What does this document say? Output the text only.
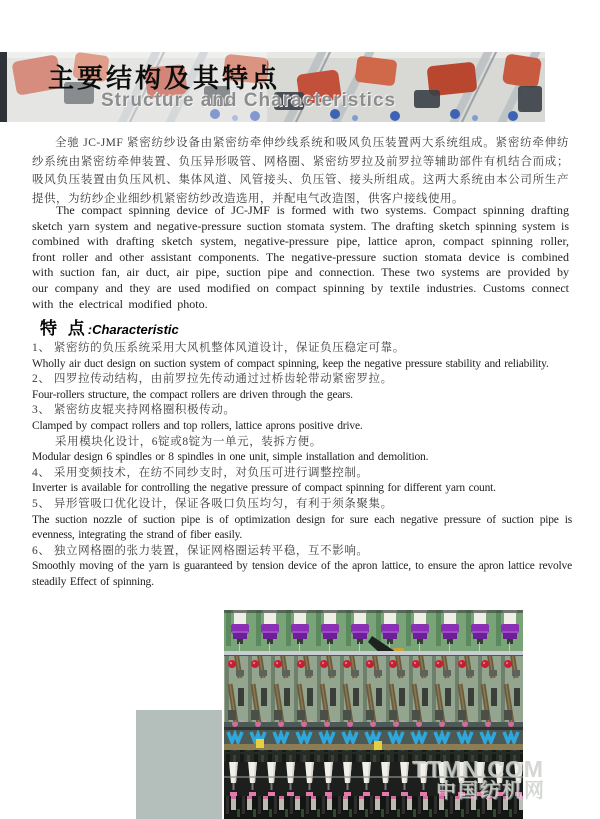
主要结构及其特点
Structure and Characteristics
全驰 JC-JMF 紧密纺纱设备由紧密纺牵伸纱线系统和吸风负压装置两大系统组成。紧密纺牵伸纺纱系统由紧密纺牵伸装置、负压异形吸管、网格圈、紧密纺罗拉及前罗拉等辅助部件有机结合而成；吸风负压装置由负压风机、集体风道、风管接头、负压管、接头所组成。这两大系统由本公司所生产提供，为纺纱企业细纱机紧密纺纱改造选用，并配电气改造图，供客户接线使用。
The compact spinning device of JC-JMF is formed with two systems. Compact spinning drafting sketch yarn system and negative-pressure suction stomata system. The drafting sketch spinning system is combined with drafting sketch system, negative-pressure pipe, lattice apron, compact spinning roller, front roller and other assistant components. The negative-pressure suction stomata device is combined with suction fan, air duct, air pipe, suction pipe and connection. These two systems are provided by our company and they are used modified on compact spinning by textile industries. Customs connect with the electrical modified photo.
特 点:Characteristic
1、 紧密纺的负压系统采用大风机整体风道设计，保证负压稳定可靠。
Wholly air duct design on suction system of compact spinning, keep the negative pressure stability and reliability.
2、 四罗拉传动结构，由前罗拉先传动通过过桥齿轮带动紧密罗拉。
Four-rollers structure, the compact rollers are driven through the gears.
3、 紧密纺皮辊夹持网格圈积极传动。
Clamped by compact rollers and top rollers, lattice aprons positive drive.
采用模块化设计，6锭或8锭为一单元，装拆方便。
Modular design 6 spindles or 8 spindles in one unit, simple installation and demolition.
4、 采用变频技术，在纺不同纱支时，对负压可进行调整控制。
Inverter is available for controlling the negative pressure of compact spinning for different yarn count.
5、 异形管吸口优化设计，保证各吸口负压均匀，有利于须条聚集。
The suction nozzle of suction pipe is of optimization design for sure each negative pressure of suction pipe is evenness, integrating the strand of fiber easily.
6、 独立网格圈的张力装置，保证网格圈运转平稳，互不影响。
Smoothly moving of the yarn is guaranteed by tension device of the apron lattice, to ensure the apron lattice revolve steadily Effect of spinning.
TTMN.COM
中国纺机网
